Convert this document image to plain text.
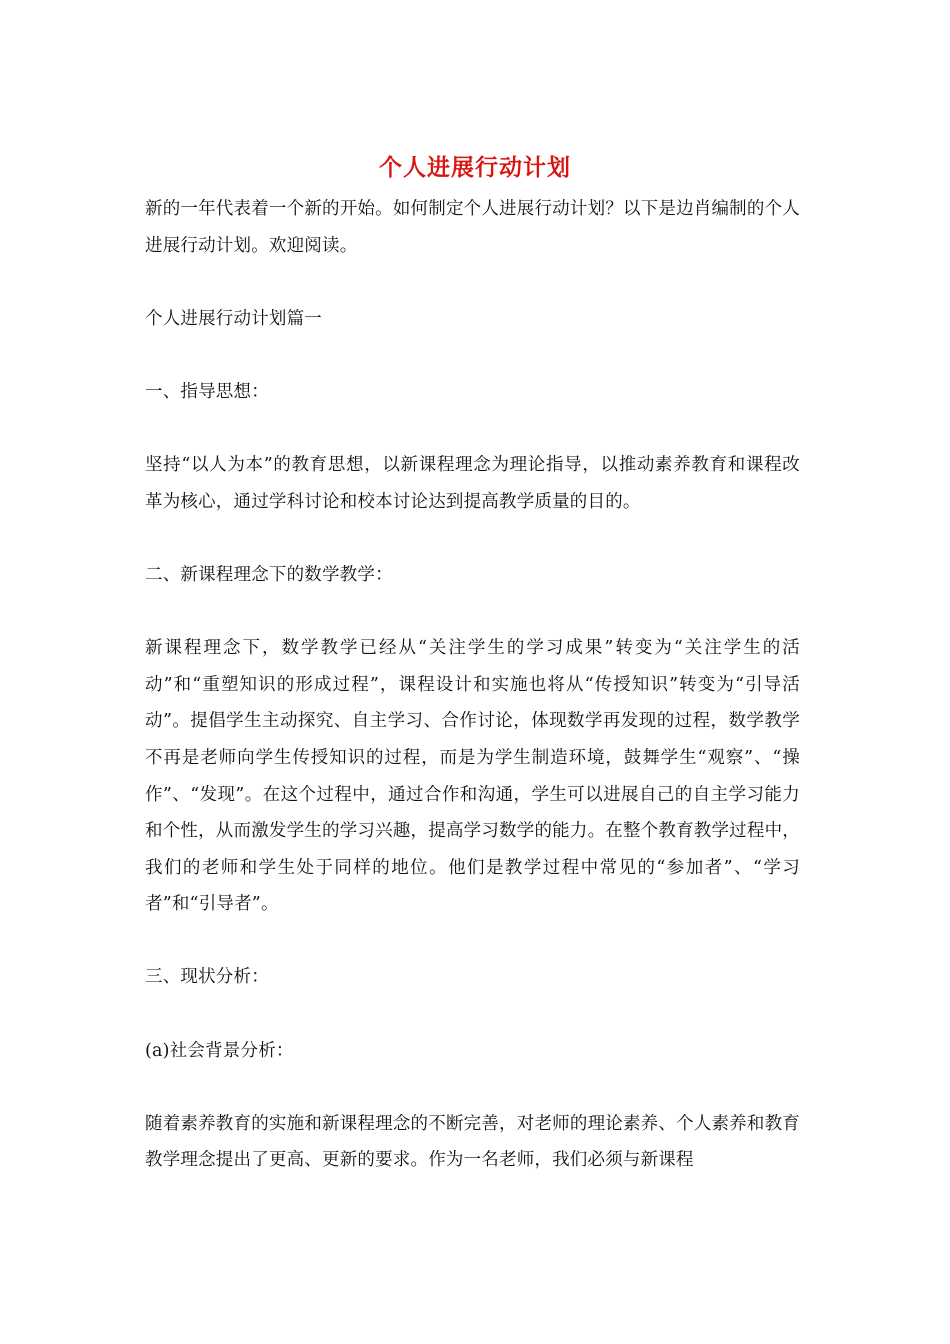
个人进展行动计划

新的一年代表着一个新的开始。如何制定个人进展行动计划？以下是边肖编制的个人进展行动计划。欢迎阅读。

个人进展行动计划篇一

一、指导思想：

坚持“以人为本”的教育思想，以新课程理念为理论指导，以推动素养教育和课程改革为核心，通过学科讨论和校本讨论达到提高教学质量的目的。

二、新课程理念下的数学教学：

新课程理念下，数学教学已经从“关注学生的学习成果”转变为“关注学生的活动”和“重塑知识的形成过程”，课程设计和实施也将从“传授知识”转变为“引导活动”。提倡学生主动探究、自主学习、合作讨论，体现数学再发现的过程，数学教学不再是老师向学生传授知识的过程，而是为学生制造环境，鼓舞学生“观察”、“操作”、“发现”。在这个过程中，通过合作和沟通，学生可以进展自己的自主学习能力和个性，从而激发学生的学习兴趣，提高学习数学的能力。在整个教育教学过程中，我们的老师和学生处于同样的地位。他们是教学过程中常见的“参加者”、“学习者”和“引导者”。

三、现状分析：

(a)社会背景分析：

随着素养教育的实施和新课程理念的不断完善，对老师的理论素养、个人素养和教育教学理念提出了更高、更新的要求。作为一名老师，我们必须与新课程
